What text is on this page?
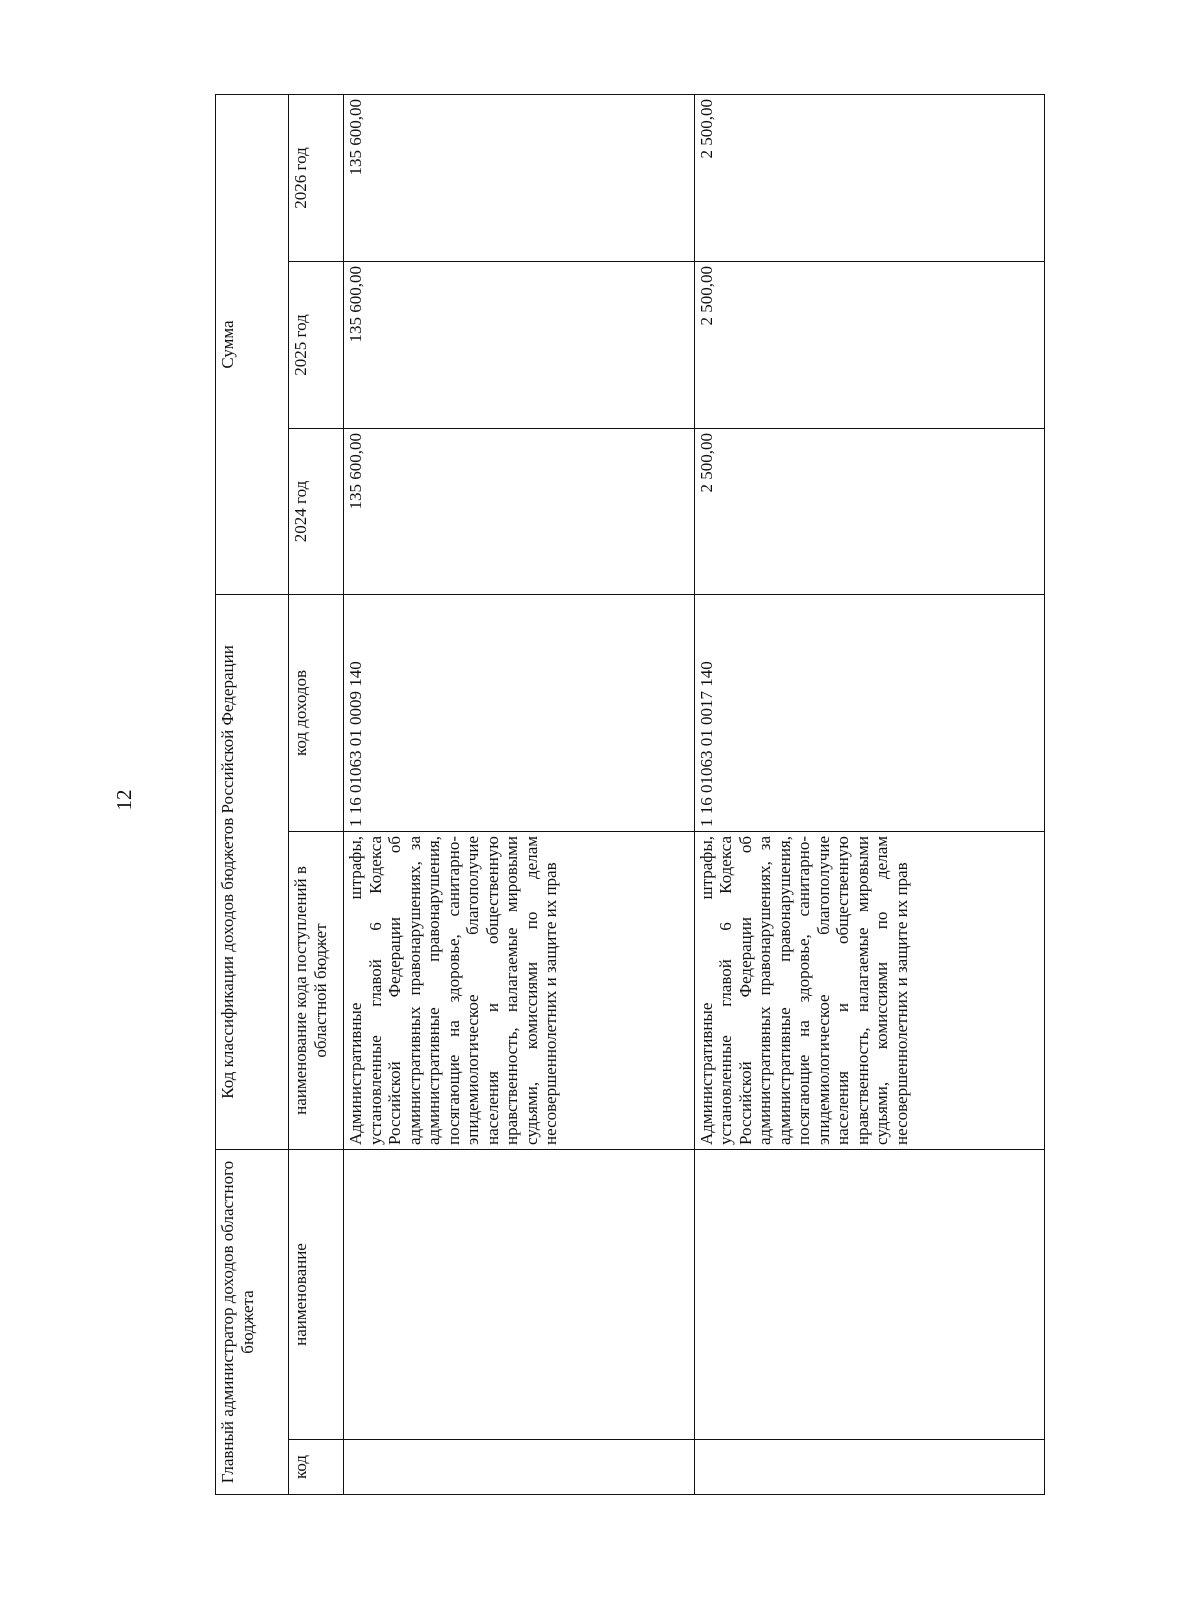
12
Главный администратор доходов областного бюджета		Код классификации доходов бюджетов Российской Федерации		Сумма		
код	наименование	наименование кода поступлений в областной бюджет	код доходов	2024 год	2025 год	2026 год
		Административные штрафы, установленные главой 6 Кодекса Российской Федерации об административных правонарушениях, за административные правонарушения, посягающие на здоровье, санитарно-эпидемиологическое благополучие населения и общественную нравственность, налагаемые мировыми судьями, комиссиями по делам несовершеннолетних и защите их прав	1 16 01063 01 0009 140	135 600,00	135 600,00	135 600,00
		Административные штрафы, установленные главой 6 Кодекса Российской Федерации об административных правонарушениях, за административные правонарушения, посягающие на здоровье, санитарно-эпидемиологическое благополучие населения и общественную нравственность, налагаемые мировыми судьями, комиссиями по делам несовершеннолетних и защите их прав	1 16 01063 01 0017 140	2 500,00	2 500,00	2 500,00
